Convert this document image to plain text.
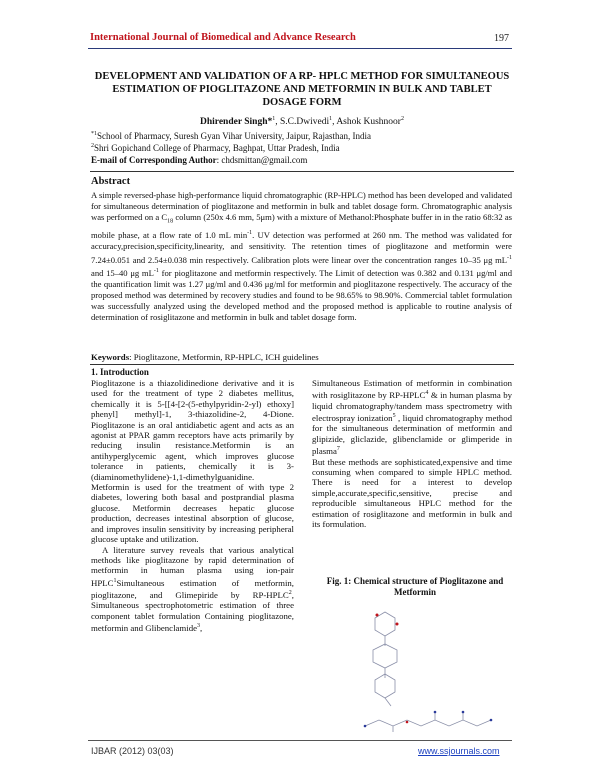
International Journal of Biomedical and Advance Research	197
DEVELOPMENT AND VALIDATION OF A RP- HPLC METHOD FOR SIMULTANEOUS ESTIMATION OF PIOGLITAZONE AND METFORMIN IN BULK AND TABLET DOSAGE FORM
Dhirender Singh*$^1$, S.C.Dwivedi$^1$, Ashok Kushnoor$^2$
$^{*1}$School of Pharmacy, Suresh Gyan Vihar University, Jaipur, Rajasthan, India
$^2$Shri Gopichand College of Pharmacy, Baghpat, Uttar Pradesh, India
E-mail of Corresponding Author: chdsmittan@gmail.com
Abstract
A simple reversed-phase high-performance liquid chromatographic (RP-HPLC) method has been developed and validated for simultaneous determination of pioglitazone and metformin in bulk and tablet dosage form. Chromatographic analysis was performed on a $C_{18}$ column (250x 4.6 mm, 5μm) with a mixture of Methanol:Phosphate buffer in in the ratio 68:32 as mobile phase, at a flow rate of 1.0 mL $\min^{-1}$. UV detection was performed at 260 nm. The method was validated for accuracy,precision,specificity,linearity, and sensitivity. The retention times of pioglitazone and metformin were 7.24±0.051 and 2.54±0.038 min respectively. Calibration plots were linear over the concentration ranges 10–35 μg $mL^{-1}$ and 15–40 μg $mL^{-1}$ for pioglitazone and metformin respectively. The Limit of detection was 0.382 and 0.131 μg/ml and the quantification limit was 1.27 μg/ml and 0.436 μg/ml for metformin and pioglitazone respectively. The accuracy of the proposed method was determined by recovery studies and found to be 98.65% to 98.90%. Commercial tablet formulation was successfully analyzed using the developed method and the proposed method is applicable to routine analysis of determination of rosiglitazone and metformin in bulk and tablet dosage form.
Keywords: Pioglitazone, Metformin, RP-HPLC, ICH guidelines
1. Introduction

Pioglitazone is a thiazolidinedione derivative and it is used for the treatment of type 2 diabetes mellitus, chemically it is 5-[[4-[2-(5-ethylpyridin-2-yl) ethoxy] phenyl] methyl]-1, 3-thiazolidine-2, 4-Dione. Pioglitazone is an oral antidiabetic agent and acts as an agonist at PPAR gamm receptors have acts primarily by reducing insulin resistance.Metformin is an antihyperglycemic agent, which improves glucose tolerance in patients, chemically it is 3-(diaminomethylidene)-1,1-dimethylguanidine. Metformin is used for the treatment of with type 2 diabetes, lowering both basal and postprandial plasma glucose. Metformin decreases hepatic glucose production, decreases intestinal absorption of glucose, and improves insulin sensitivity by increasing peripheral glucose uptake and utilization.

A literature survey reveals that various analytical methods like pioglitazone by rapid determination of metformin in human plasma using ion-pair HPLC$^1$Simultaneous estimation of metformin, pioglitazone, and Glimepiride by RP-HPLC$^2$, Simultaneous spectrophotometric estimation of three component tablet formulation Containing pioglitazone, metformin and Glibenclamide$^3$,

Simultaneous Estimation of metformin in combination with rosiglitazone by RP-HPLC$^4$ & in human plasma by liquid chromatography/tandem mass spectrometry with electrospray ionization$^5$ , liquid chromatography method for the simultaneous determination of metformin and glipizide, gliclazide, glibenclamide or glimperide in plasma$^7$

But these methods are sophisticated,expensive and time consuming when compared to simple HPLC method. There is need for a interest to develop simple,accurate,specific,sensitive, precise and reproducible simultaneous HPLC method for the estimation of rosiglitazone and metformin in bulk and its formulation.

Fig. 1: Chemical structure of Pioglitazone and Metformin
IJBAR (2012) 03(03)	www.ssjournals.com
